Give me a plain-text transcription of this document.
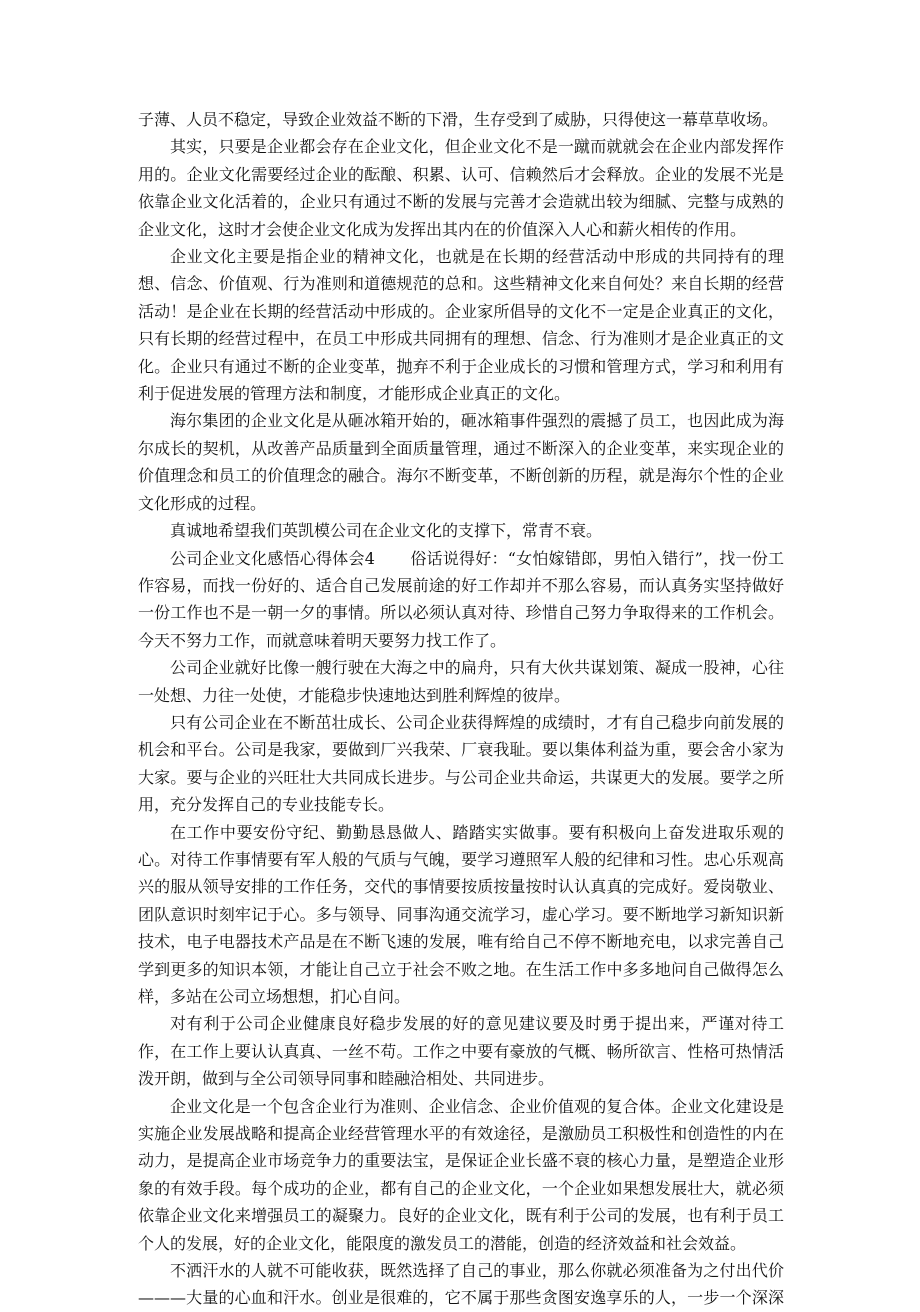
子薄、人员不稳定，导致企业效益不断的下滑，生存受到了威胁，只得使这一幕草草收场。

其实，只要是企业都会存在企业文化，但企业文化不是一蹴而就就会在企业内部发挥作用的。企业文化需要经过企业的酝酿、积累、认可、信赖然后才会释放。企业的发展不光是依靠企业文化活着的，企业只有通过不断的发展与完善才会造就出较为细腻、完整与成熟的企业文化，这时才会使企业文化成为发挥出其内在的价值深入人心和薪火相传的作用。

企业文化主要是指企业的精神文化，也就是在长期的经营活动中形成的共同持有的理想、信念、价值观、行为准则和道德规范的总和。这些精神文化来自何处？来自长期的经营活动！是企业在长期的经营活动中形成的。企业家所倡导的文化不一定是企业真正的文化，只有长期的经营过程中，在员工中形成共同拥有的理想、信念、行为准则才是企业真正的文化。企业只有通过不断的企业变革，抛弃不利于企业成长的习惯和管理方式，学习和利用有利于促进发展的管理方法和制度，才能形成企业真正的文化。

海尔集团的企业文化是从砸冰箱开始的，砸冰箱事件强烈的震撼了员工，也因此成为海尔成长的契机，从改善产品质量到全面质量管理，通过不断深入的企业变革，来实现企业的价值理念和员工的价值理念的融合。海尔不断变革，不断创新的历程，就是海尔个性的企业文化形成的过程。

真诚地希望我们英凯模公司在企业文化的支撑下，常青不衰。

公司企业文化感悟心得体会4 俗话说得好：“女怕嫁错郎，男怕入错行”，找一份工作容易，而找一份好的、适合自己发展前途的好工作却并不那么容易，而认真务实坚持做好一份工作也不是一朝一夕的事情。所以必须认真对待、珍惜自己努力争取得来的工作机会。今天不努力工作，而就意味着明天要努力找工作了。

公司企业就好比像一艘行驶在大海之中的扁舟，只有大伙共谋划策、凝成一股神，心往一处想、力往一处使，才能稳步快速地达到胜利辉煌的彼岸。

只有公司企业在不断茁壮成长、公司企业获得辉煌的成绩时，才有自己稳步向前发展的机会和平台。公司是我家，要做到厂兴我荣、厂衰我耻。要以集体利益为重，要会舍小家为大家。要与企业的兴旺壮大共同成长进步。与公司企业共命运，共谋更大的发展。要学之所用，充分发挥自己的专业技能专长。

在工作中要安份守纪、勤勤恳恳做人、踏踏实实做事。要有积极向上奋发进取乐观的心。对待工作事情要有军人般的气质与气魄，要学习遵照军人般的纪律和习性。忠心乐观高兴的服从领导安排的工作任务，交代的事情要按质按量按时认认真真的完成好。爱岗敬业、团队意识时刻牢记于心。多与领导、同事沟通交流学习，虚心学习。要不断地学习新知识新技术，电子电器技术产品是在不断飞速的发展，唯有给自己不停不断地充电，以求完善自己学到更多的知识本领，才能让自己立于社会不败之地。在生活工作中多多地问自己做得怎么样，多站在公司立场想想，扪心自问。

对有利于公司企业健康良好稳步发展的好的意见建议要及时勇于提出来，严谨对待工作，在工作上要认认真真、一丝不苟。工作之中要有豪放的气概、畅所欲言、性格可热情活泼开朗，做到与全公司领导同事和睦融洽相处、共同进步。

企业文化是一个包含企业行为准则、企业信念、企业价值观的复合体。企业文化建设是实施企业发展战略和提高企业经营管理水平的有效途径，是激励员工积极性和创造性的内在动力，是提高企业市场竞争力的重要法宝，是保证企业长盛不衰的核心力量，是塑造企业形象的有效手段。每个成功的企业，都有自己的企业文化，一个企业如果想发展壮大，就必须依靠企业文化来增强员工的凝聚力。良好的企业文化，既有利于公司的发展，也有利于员工个人的发展，好的企业文化，能限度的激发员工的潜能，创造的经济效益和社会效益。

不洒汗水的人就不可能收获，既然选择了自己的事业，那么你就必须准备为之付出代价———大量的心血和汗水。创业是很难的，它不属于那些贪图安逸享乐的人，一步一个深深
